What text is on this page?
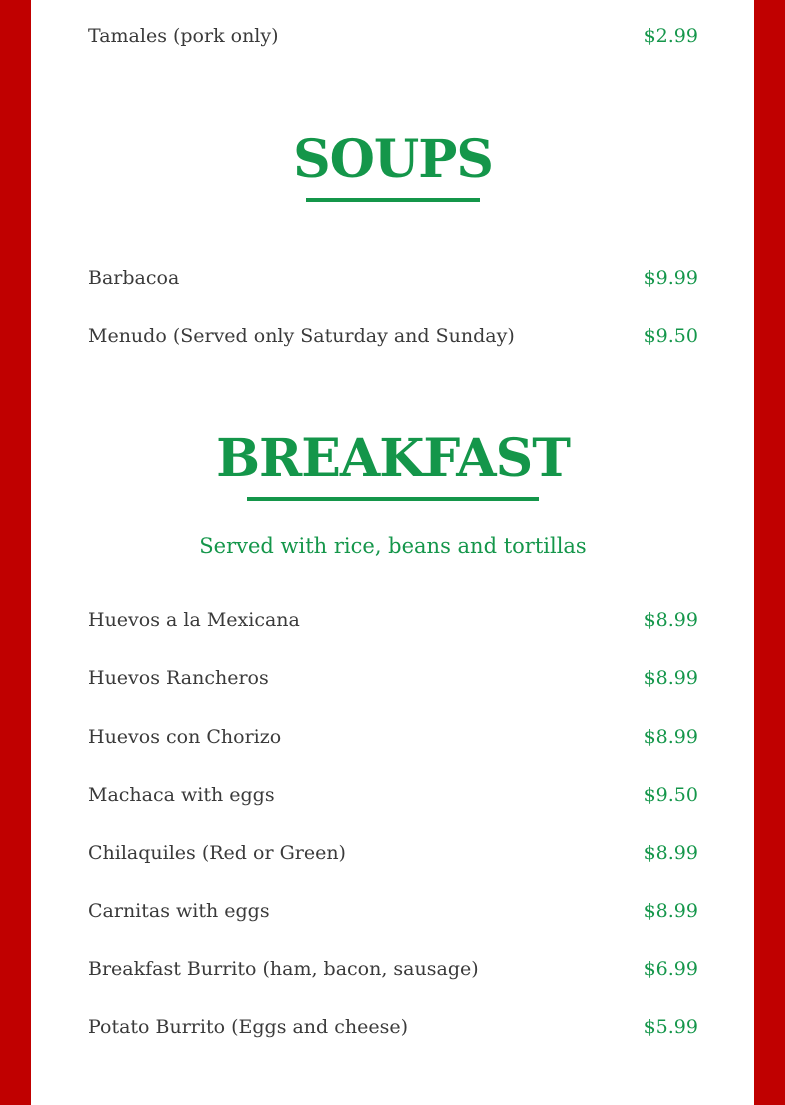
Tamales (pork only)	$2.99
SOUPS
Barbacoa	$9.99
Menudo (Served only Saturday and Sunday)	$9.50
BREAKFAST
Served with rice, beans and tortillas
Huevos a la Mexicana	$8.99
Huevos Rancheros	$8.99
Huevos con Chorizo	$8.99
Machaca with eggs	$9.50
Chilaquiles (Red or Green)	$8.99
Carnitas with eggs	$8.99
Breakfast Burrito (ham, bacon, sausage)	$6.99
Potato Burrito (Eggs and cheese)	$5.99
